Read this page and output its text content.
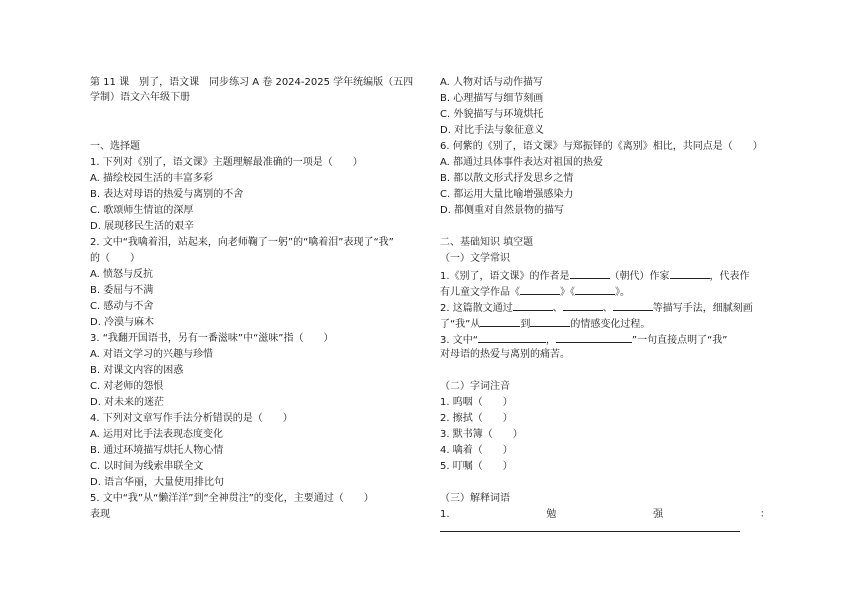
第 11 课　别了，语文课　同步练习 A 卷 2024-2025 学年统编版（五四
学制）语文六年级下册
一、选择题
1. 下列对《别了，语文课》主题理解最准确的一项是（　　）
A. 描绘校园生活的丰富多彩
B. 表达对母语的热爱与离别的不舍
C. 歌颂师生情谊的深厚
D. 展现移民生活的艰辛
2. 文中“我噙着泪，站起来，向老师鞠了一躬”的“噙着泪”表现了“我”
的（　　）
A. 愤怒与反抗
B. 委屈与不满
C. 感动与不舍
D. 冷漠与麻木
3. “我翻开国语书，另有一番滋味”中“滋味”指（　　）
A. 对语文学习的兴趣与珍惜
B. 对课文内容的困惑
C. 对老师的怨恨
D. 对未来的迷茫
4. 下列对文章写作手法分析错误的是（　　）
A. 运用对比手法表现态度变化
B. 通过环境描写烘托人物心情
C. 以时间为线索串联全文
D. 语言华丽，大量使用排比句
5. 文中“我”从“懒洋洋”到“全神贯注”的变化，主要通过（　　）
表现
A. 人物对话与动作描写
B. 心理描写与细节刻画
C. 外貌描写与环境烘托
D. 对比手法与象征意义
6. 何紫的《别了，语文课》与郑振铎的《离别》相比，共同点是（　　）
A. 都通过具体事件表达对祖国的热爱
B. 都以散文形式抒发思乡之情
C. 都运用大量比喻增强感染力
D. 都侧重对自然景物的描写
二、基础知识 填空题
（一）文学常识
1.《别了，语文课》的作者是	（朝代）作家	，代表作
有儿童文学作品《	》《	》。
2. 这篇散文通过	、	、	等描写手法，细腻刻画
了“我”从	到	的情感变化过程。
3. 文中“	，	”一句直接点明了“我”
对母语的热爱与离别的痛苦。
（二）字词注音
1. 呜咽（　　）
2. 擦拭（　　）
3. 默书簿（　　）
4. 噙着（　　）
5. 叮嘱（　　）
（三）解释词语
1.	勉	强	：
